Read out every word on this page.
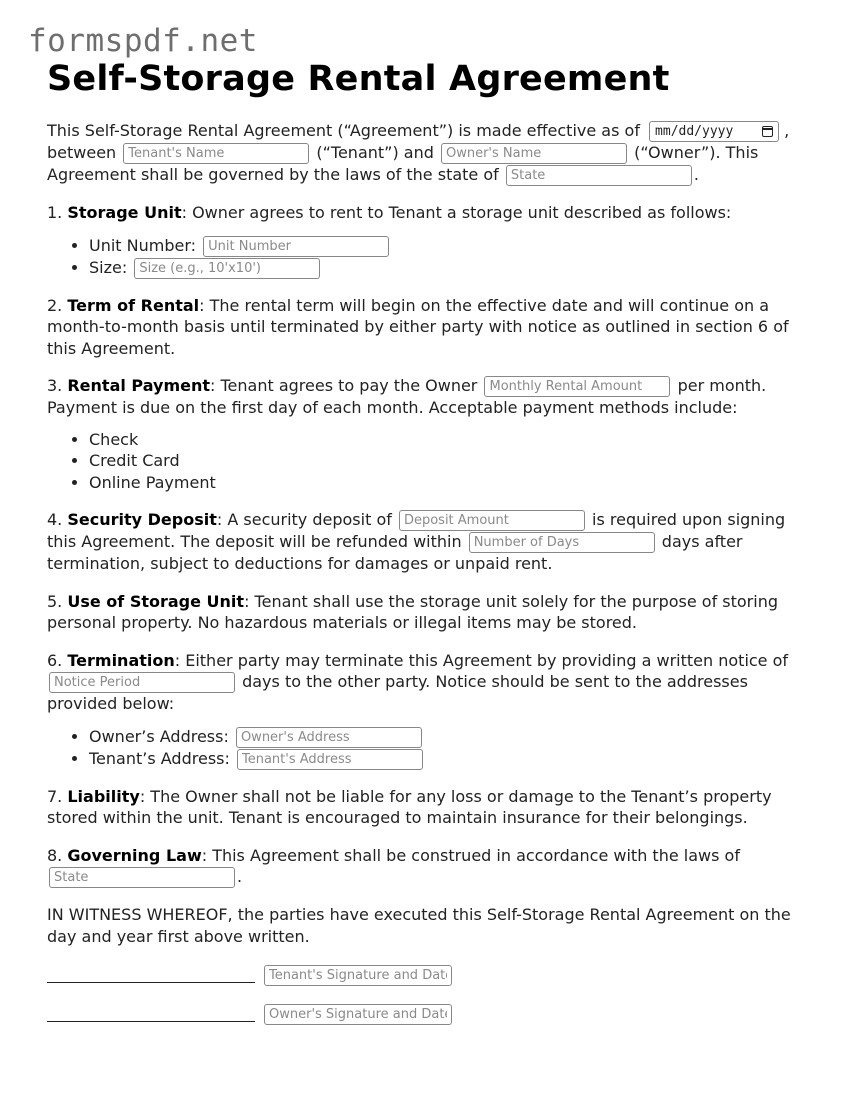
formspdf.net
Self-Storage Rental Agreement

This Self-Storage Rental Agreement (“Agreement”) is made effective as of mm/dd/yyyy	, between Tenant's Name	(“Tenant”) and Owner's Name	(“Owner”). This Agreement shall be governed by the laws of the state of State	.

1. Storage Unit: Owner agrees to rent to Tenant a storage unit described as follows:

• Unit Number: Unit Number
• Size: Size (e.g., 10'x10')

2. Term of Rental: The rental term will begin on the effective date and will continue on a month-to-month basis until terminated by either party with notice as outlined in section 6 of this Agreement.

3. Rental Payment: Tenant agrees to pay the Owner Monthly Rental Amount	per month. Payment is due on the first day of each month. Acceptable payment methods include:

• Check
• Credit Card
• Online Payment

4. Security Deposit: A security deposit of Deposit Amount	is required upon signing this Agreement. The deposit will be refunded within Number of Days	days after termination, subject to deductions for damages or unpaid rent.

5. Use of Storage Unit: Tenant shall use the storage unit solely for the purpose of storing personal property. No hazardous materials or illegal items may be stored.

6. Termination: Either party may terminate this Agreement by providing a written notice of Notice Period days to the other party. Notice should be sent to the addresses provided below:

• Owner’s Address: Owner's Address
• Tenant’s Address: Tenant's Address

7. Liability: The Owner shall not be liable for any loss or damage to the Tenant’s property stored within the unit. Tenant is encouraged to maintain insurance for their belongings.

8. Governing Law: This Agreement shall be construed in accordance with the laws of State.

IN WITNESS WHEREOF, the parties have executed this Self-Storage Rental Agreement on the day and year first above written.

Tenant's Signature and Date
Owner's Signature and Date
